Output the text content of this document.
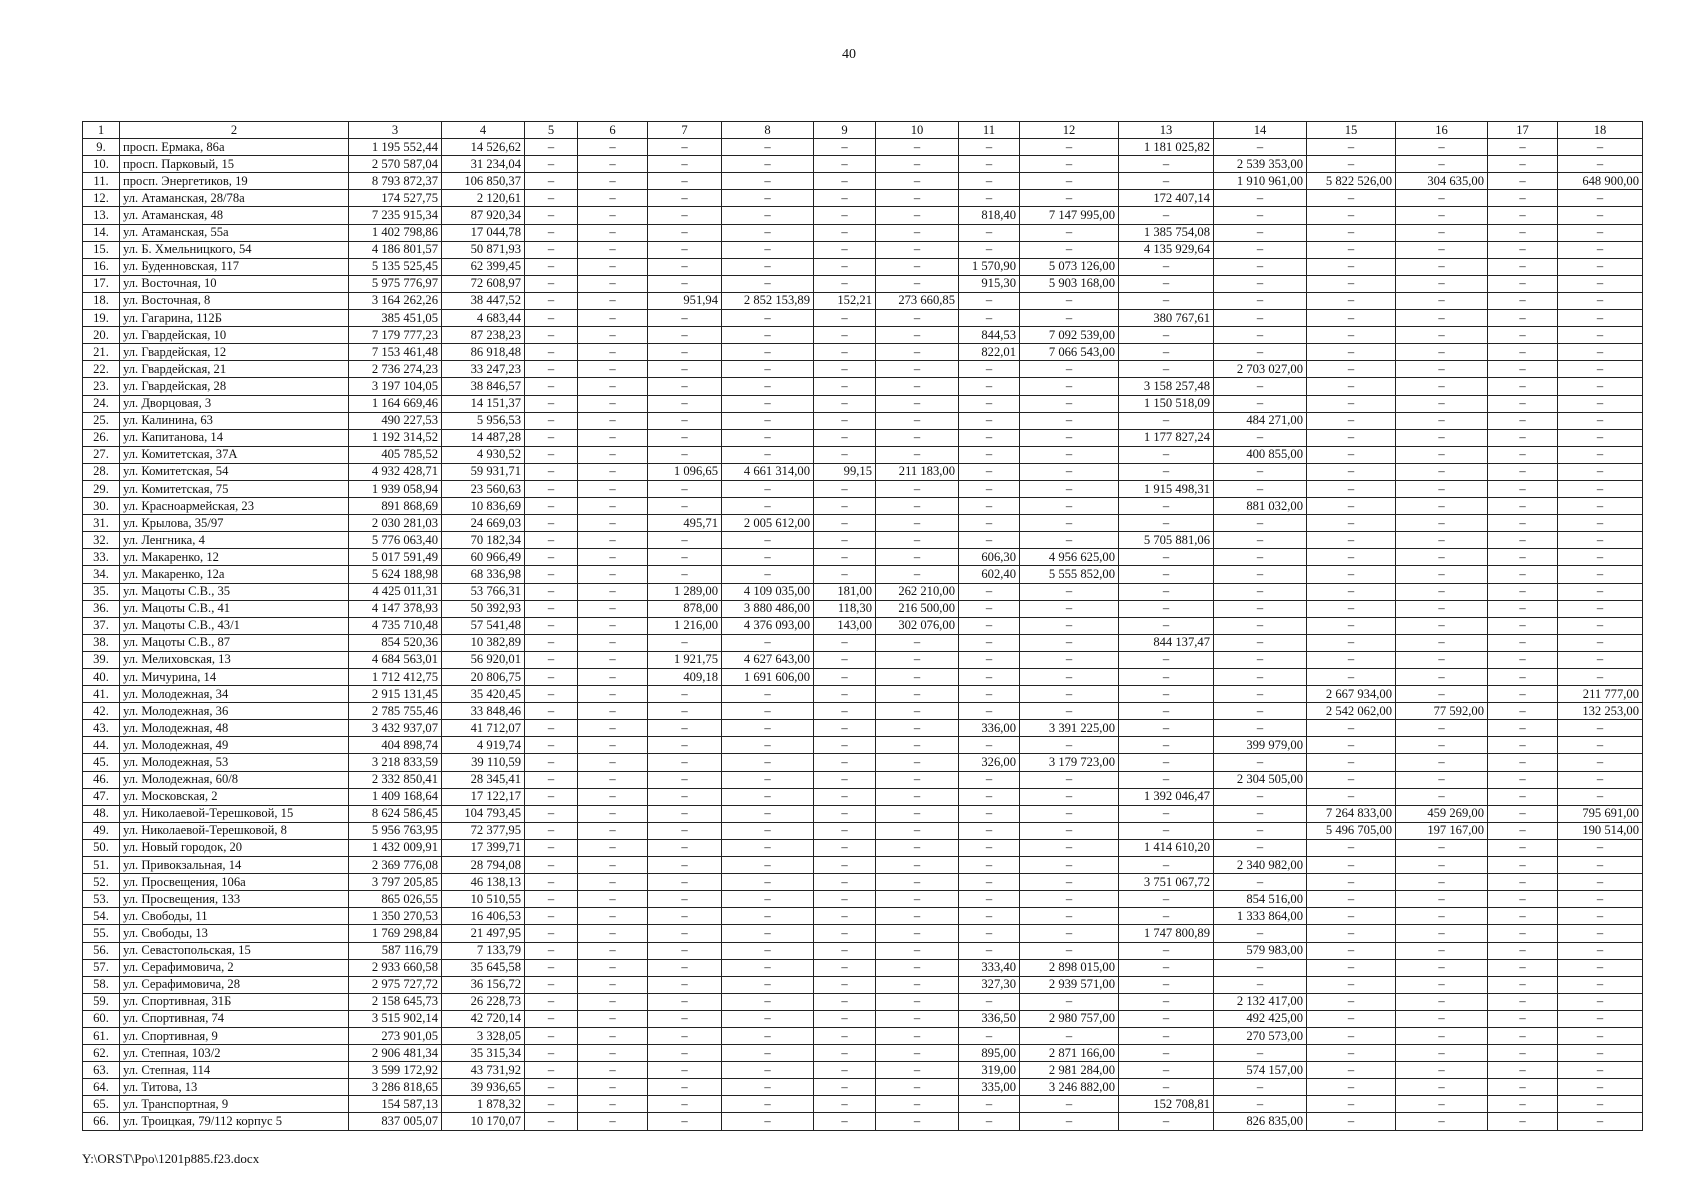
40
1	2	3	4	5	6	7	8	9	10	11	12	13	14	15	16	17	18
9.	просп. Ермака, 86а	1 195 552,44	14 526,62	–	–	–	–	–	–	–	–	1 181 025,82	–	–	–	–	–
10.	просп. Парковый, 15	2 570 587,04	31 234,04	–	–	–	–	–	–	–	–	–	2 539 353,00	–	–	–	–
11.	просп. Энергетиков, 19	8 793 872,37	106 850,37	–	–	–	–	–	–	–	–	–	1 910 961,00	5 822 526,00	304 635,00	–	648 900,00
12.	ул. Атаманская, 28/78а	174 527,75	2 120,61	–	–	–	–	–	–	–	–	172 407,14	–	–	–	–	–
13.	ул. Атаманская, 48	7 235 915,34	87 920,34	–	–	–	–	–	–	818,40	7 147 995,00	–	–	–	–	–	–
14.	ул. Атаманская, 55а	1 402 798,86	17 044,78	–	–	–	–	–	–	–	–	1 385 754,08	–	–	–	–	–
15.	ул. Б. Хмельницкого, 54	4 186 801,57	50 871,93	–	–	–	–	–	–	–	–	4 135 929,64	–	–	–	–	–
16.	ул. Буденновская, 117	5 135 525,45	62 399,45	–	–	–	–	–	–	1 570,90	5 073 126,00	–	–	–	–	–	–
17.	ул. Восточная, 10	5 975 776,97	72 608,97	–	–	–	–	–	–	915,30	5 903 168,00	–	–	–	–	–	–
18.	ул. Восточная, 8	3 164 262,26	38 447,52	–	–	951,94	2 852 153,89	152,21	273 660,85	–	–	–	–	–	–	–	–
19.	ул. Гагарина, 112Б	385 451,05	4 683,44	–	–	–	–	–	–	–	–	380 767,61	–	–	–	–	–
20.	ул. Гвардейская, 10	7 179 777,23	87 238,23	–	–	–	–	–	–	844,53	7 092 539,00	–	–	–	–	–	–
21.	ул. Гвардейская, 12	7 153 461,48	86 918,48	–	–	–	–	–	–	822,01	7 066 543,00	–	–	–	–	–	–
22.	ул. Гвардейская, 21	2 736 274,23	33 247,23	–	–	–	–	–	–	–	–	–	2 703 027,00	–	–	–	–
23.	ул. Гвардейская, 28	3 197 104,05	38 846,57	–	–	–	–	–	–	–	–	3 158 257,48	–	–	–	–	–
24.	ул. Дворцовая, 3	1 164 669,46	14 151,37	–	–	–	–	–	–	–	–	1 150 518,09	–	–	–	–	–
25.	ул. Калинина, 63	490 227,53	5 956,53	–	–	–	–	–	–	–	–	–	484 271,00	–	–	–	–
26.	ул. Капитанова, 14	1 192 314,52	14 487,28	–	–	–	–	–	–	–	–	1 177 827,24	–	–	–	–	–
27.	ул. Комитетская, 37А	405 785,52	4 930,52	–	–	–	–	–	–	–	–	–	400 855,00	–	–	–	–
28.	ул. Комитетская, 54	4 932 428,71	59 931,71	–	–	1 096,65	4 661 314,00	99,15	211 183,00	–	–	–	–	–	–	–	–
29.	ул. Комитетская, 75	1 939 058,94	23 560,63	–	–	–	–	–	–	–	–	1 915 498,31	–	–	–	–	–
30.	ул. Красноармейская, 23	891 868,69	10 836,69	–	–	–	–	–	–	–	–	–	881 032,00	–	–	–	–
31.	ул. Крылова, 35/97	2 030 281,03	24 669,03	–	–	495,71	2 005 612,00	–	–	–	–	–	–	–	–	–	–
32.	ул. Ленгника, 4	5 776 063,40	70 182,34	–	–	–	–	–	–	–	–	5 705 881,06	–	–	–	–	–
33.	ул. Макаренко, 12	5 017 591,49	60 966,49	–	–	–	–	–	–	606,30	4 956 625,00	–	–	–	–	–	–
34.	ул. Макаренко, 12а	5 624 188,98	68 336,98	–	–	–	–	–	–	602,40	5 555 852,00	–	–	–	–	–	–
35.	ул. Мацоты С.В., 35	4 425 011,31	53 766,31	–	–	1 289,00	4 109 035,00	181,00	262 210,00	–	–	–	–	–	–	–	–
36.	ул. Мацоты С.В., 41	4 147 378,93	50 392,93	–	–	878,00	3 880 486,00	118,30	216 500,00	–	–	–	–	–	–	–	–
37.	ул. Мацоты С.В., 43/1	4 735 710,48	57 541,48	–	–	1 216,00	4 376 093,00	143,00	302 076,00	–	–	–	–	–	–	–	–
38.	ул. Мацоты С.В., 87	854 520,36	10 382,89	–	–	–	–	–	–	–	–	844 137,47	–	–	–	–	–
39.	ул. Мелиховская, 13	4 684 563,01	56 920,01	–	–	1 921,75	4 627 643,00	–	–	–	–	–	–	–	–	–	–
40.	ул. Мичурина, 14	1 712 412,75	20 806,75	–	–	409,18	1 691 606,00	–	–	–	–	–	–	–	–	–	–
41.	ул. Молодежная, 34	2 915 131,45	35 420,45	–	–	–	–	–	–	–	–	–	–	2 667 934,00	–	–	211 777,00
42.	ул. Молодежная, 36	2 785 755,46	33 848,46	–	–	–	–	–	–	–	–	–	–	2 542 062,00	77 592,00	–	132 253,00
43.	ул. Молодежная, 48	3 432 937,07	41 712,07	–	–	–	–	–	–	336,00	3 391 225,00	–	–	–	–	–	–
44.	ул. Молодежная, 49	404 898,74	4 919,74	–	–	–	–	–	–	–	–	–	399 979,00	–	–	–	–
45.	ул. Молодежная, 53	3 218 833,59	39 110,59	–	–	–	–	–	–	326,00	3 179 723,00	–	–	–	–	–	–
46.	ул. Молодежная, 60/8	2 332 850,41	28 345,41	–	–	–	–	–	–	–	–	–	2 304 505,00	–	–	–	–
47.	ул. Московская, 2	1 409 168,64	17 122,17	–	–	–	–	–	–	–	–	1 392 046,47	–	–	–	–	–
48.	ул. Николаевой-Терешковой, 15	8 624 586,45	104 793,45	–	–	–	–	–	–	–	–	–	–	7 264 833,00	459 269,00	–	795 691,00
49.	ул. Николаевой-Терешковой, 8	5 956 763,95	72 377,95	–	–	–	–	–	–	–	–	–	–	5 496 705,00	197 167,00	–	190 514,00
50.	ул. Новый городок, 20	1 432 009,91	17 399,71	–	–	–	–	–	–	–	–	1 414 610,20	–	–	–	–	–
51.	ул. Привокзальная, 14	2 369 776,08	28 794,08	–	–	–	–	–	–	–	–	–	2 340 982,00	–	–	–	–
52.	ул. Просвещения, 106а	3 797 205,85	46 138,13	–	–	–	–	–	–	–	–	3 751 067,72	–	–	–	–	–
53.	ул. Просвещения, 133	865 026,55	10 510,55	–	–	–	–	–	–	–	–	–	854 516,00	–	–	–	–
54.	ул. Свободы, 11	1 350 270,53	16 406,53	–	–	–	–	–	–	–	–	–	1 333 864,00	–	–	–	–
55.	ул. Свободы, 13	1 769 298,84	21 497,95	–	–	–	–	–	–	–	–	1 747 800,89	–	–	–	–	–
56.	ул. Севастопольская, 15	587 116,79	7 133,79	–	–	–	–	–	–	–	–	–	579 983,00	–	–	–	–
57.	ул. Серафимовича, 2	2 933 660,58	35 645,58	–	–	–	–	–	–	333,40	2 898 015,00	–	–	–	–	–	–
58.	ул. Серафимовича, 28	2 975 727,72	36 156,72	–	–	–	–	–	–	327,30	2 939 571,00	–	–	–	–	–	–
59.	ул. Спортивная, 31Б	2 158 645,73	26 228,73	–	–	–	–	–	–	–	–	–	2 132 417,00	–	–	–	–
60.	ул. Спортивная, 74	3 515 902,14	42 720,14	–	–	–	–	–	–	336,50	2 980 757,00	–	492 425,00	–	–	–	–
61.	ул. Спортивная, 9	273 901,05	3 328,05	–	–	–	–	–	–	–	–	–	270 573,00	–	–	–	–
62.	ул. Степная, 103/2	2 906 481,34	35 315,34	–	–	–	–	–	–	895,00	2 871 166,00	–	–	–	–	–	–
63.	ул. Степная, 114	3 599 172,92	43 731,92	–	–	–	–	–	–	319,00	2 981 284,00	–	574 157,00	–	–	–	–
64.	ул. Титова, 13	3 286 818,65	39 936,65	–	–	–	–	–	–	335,00	3 246 882,00	–	–	–	–	–	–
65.	ул. Транспортная, 9	154 587,13	1 878,32	–	–	–	–	–	–	–	–	152 708,81	–	–	–	–	–
66.	ул. Троицкая, 79/112 корпус 5	837 005,07	10 170,07	–	–	–	–	–	–	–	–	–	826 835,00	–	–	–	–
Y:\ORST\Ppo\1201p885.f23.docx
